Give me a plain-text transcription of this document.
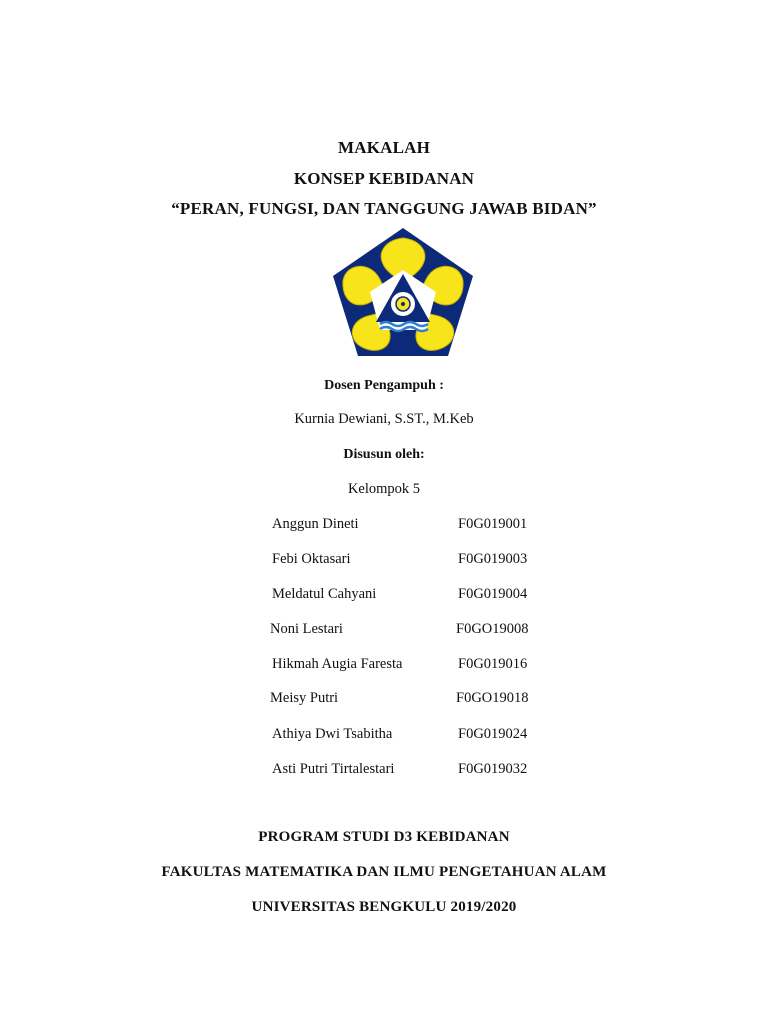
MAKALAH
KONSEP KEBIDANAN
“PERAN, FUNGSI, DAN TANGGUNG JAWAB BIDAN”
Dosen Pengampuh :
Kurnia Dewiani, S.ST., M.Keb
Disusun oleh:
Kelompok 5
Anggun Dineti	F0G019001
Febi Oktasari	F0G019003
Meldatul Cahyani	F0G019004
Noni Lestari	F0GO19008
Hikmah Augia Faresta	F0G019016
Meisy Putri	F0GO19018
Athiya Dwi Tsabitha	F0G019024
Asti Putri Tirtalestari	F0G019032
PROGRAM STUDI D3 KEBIDANAN
FAKULTAS MATEMATIKA DAN ILMU PENGETAHUAN ALAM
UNIVERSITAS BENGKULU 2019/2020
